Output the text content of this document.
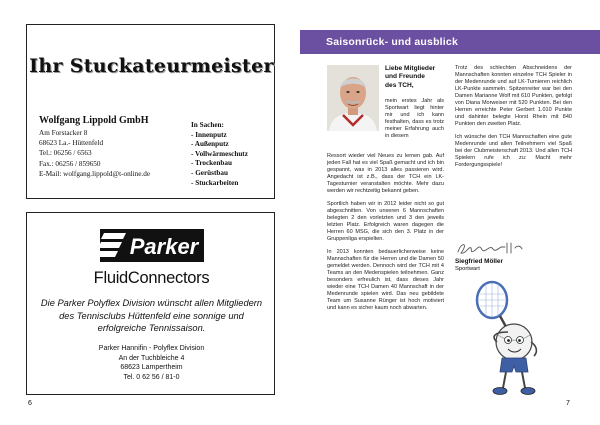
Ihr Stuckateurmeister
Wolfgang Lippold GmbH
Am Forstacker 8
68623 La.- Hüttenfeld
Tel.: 06256 / 6563
Fax.: 06256 / 859650
E-Mail: wolfgang.lippold@t-online.de
In Sachen:
- Innenputz
- Außenputz
- Vollwärmeschutz
- Trockenbau
- Gerüstbau
- Stuckarbeiten
Parker
FluidConnectors
Die Parker Polyflex Division wünscht allen Mitgliedern des Tennisclubs Hüttenfeld eine sonnige und erfolgreiche Tennissaison.
Parker Hannifin - Polyflex Division
An der Tuchbleiche 4
68623 Lampertheim
Tel. 0 62 56 / 81-0
6
Saisonrück- und ausblick
Liebe Mitglieder
und Freunde
des TCH,

mein erstes Jahr als Sportwart liegt hinter mir und ich kann festhalten, dass es trotz meiner Erfahrung auch in diesem

Ressort wieder viel Neues zu lernen gab. Auf jeden Fall hat es viel Spaß gemacht und ich bin gespannt, was in 2013 alles passieren wird. Angedacht ist z.B., dass der TCH ein LK-Tagesturnier veranstalten möchte. Mehr dazu werden wir rechtzeitig bekannt geben.

Sportlich haben wir in 2012 leider nicht so gut abgeschnitten. Von unseren 6 Mannschaften belegten 2 den vorletzten und 3 den jeweils letzten Platz. Erfolgreich waren dagegen die Herren 60 MSG, die sich den 3. Platz in der Gruppenliga erspielten.

In 2013 konnten bedauerlicherweise keine Mannschaften für die Herren und die Damen 50 gemeldet werden. Dennoch wird der TCH mit 4 Teams an den Medenspielen teilnehmen. Ganz besonders erfreulich ist, dass dieses Jahr wieder eine TCH Damen 40 Mannschaft in der Medenrunde spielen wird. Das neu gebildete Team um Susanne Rünger ist hoch motiviert und kann es sicher kaum noch abwarten.

Trotz des schlechten Abschneidens der Mannschaften konnten einzelne TCH Spieler in der Medenrunde und auf LK-Turnieren reichlich LK-Punkte sammeln. Spitzenreiter war bei den Damen Marianne Wolf mit 610 Punkten, gefolgt von Diana Morweiser mit 520 Punkten. Bei den Herren erreichte Peter Gerbert 1.010 Punkte und dahinter belegte Horst Rhein mit 840 Punkten den zweiten Platz.

Ich wünsche den TCH Mannschaften eine gute Medenrunde und allen Teilnehmern viel Spaß bei der Clubmeisterschaft 2013. Und allen TCH Spielern rufe ich zu: Macht mehr Fordergungsspiele!

Siegfried Möller
Sportwart
7
